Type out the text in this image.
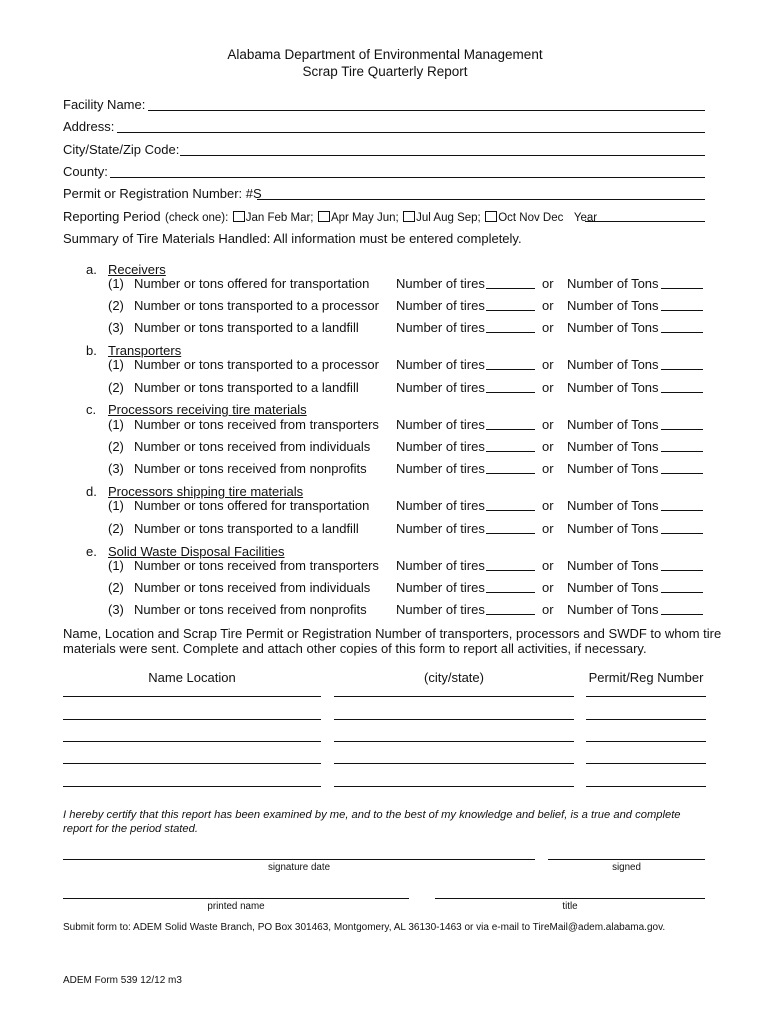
Alabama Department of Environmental Management
Scrap Tire Quarterly Report
Facility Name:
Address:
City/State/Zip Code:
County:
Permit or Registration Number: #S
Reporting Period (check one): Jan Feb Mar; Apr May Jun; Jul Aug Sep; Oct Nov Dec Year
Summary of Tire Materials Handled: All information must be entered completely.
a. Receivers
(1) Number or tons offered for transportation Number of tires	or Number of Tons
(2) Number or tons transported to a processor Number of tires	or Number of Tons
(3) Number or tons transported to a landfill	Number of tires	or Number of Tons
b. Transporters
(1) Number or tons transported to a processor Number of tires	or Number of Tons
(2) Number or tons transported to a landfill	Number of tires	or Number of Tons
c. Processors receiving tire materials
(1) Number or tons received from transporters Number of tires	or Number of Tons
(2) Number or tons received from individuals Number of tires	or Number of Tons
(3) Number or tons received from nonprofits Number of tires	or Number of Tons
d. Processors shipping tire materials
(1) Number or tons offered for transportation Number of tires	or Number of Tons
(2) Number or tons transported to a landfill	Number of tires	or Number of Tons
e. Solid Waste Disposal Facilities
(1) Number or tons received from transporters Number of tires	or Number of Tons
(2) Number or tons received from individuals Number of tires	or Number of Tons
(3) Number or tons received from nonprofits Number of tires	or Number of Tons
Name, Location and Scrap Tire Permit or Registration Number of transporters, processors and SWDF to whom tire
materials were sent. Complete and attach other copies of this form to report all activities, if necessary.
Name Location	(city/state)	Permit/Reg Number
I hereby certify that this report has been examined by me, and to the best of my knowledge and belief, is a true and complete report for the period stated.
signature date	signed
printed name	title
Submit form to: ADEM Solid Waste Branch, PO Box 301463, Montgomery, AL 36130-1463 or via e-mail to TireMail@adem.alabama.gov.
ADEM Form 539 12/12 m3
